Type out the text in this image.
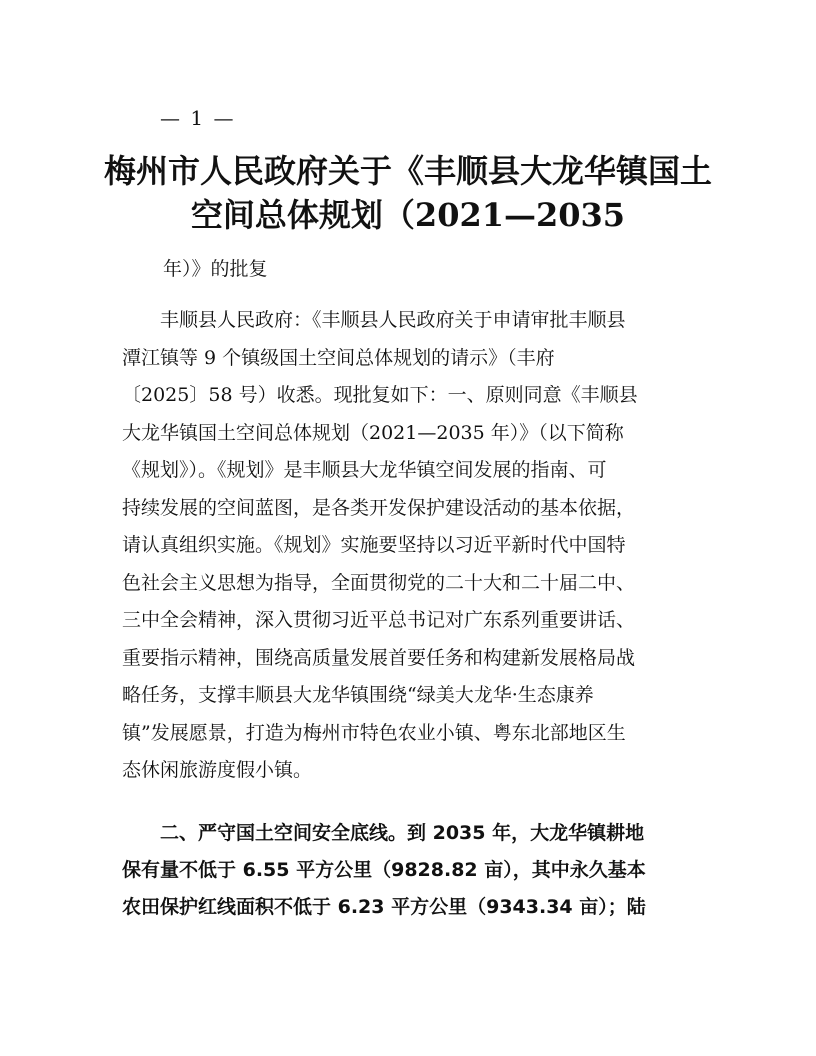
— 1 —
梅州市人民政府关于《丰顺县大龙华镇国土
空间总体规划（2021—2035
年）》的批复
　　丰顺县人民政府：《丰顺县人民政府关于申请审批丰顺县
潭江镇等 9 个镇级国土空间总体规划的请示》（丰府
〔2025〕58 号）收悉。现批复如下：一、原则同意《丰顺县
大龙华镇国土空间总体规划（2021—2035 年）》（以下简称
《规划》）。《规划》是丰顺县大龙华镇空间发展的指南、可
持续发展的空间蓝图，是各类开发保护建设活动的基本依据，
请认真组织实施。《规划》实施要坚持以习近平新时代中国特
色社会主义思想为指导，全面贯彻党的二十大和二十届二中、
三中全会精神，深入贯彻习近平总书记对广东系列重要讲话、
重要指示精神，围绕高质量发展首要任务和构建新发展格局战
略任务，支撑丰顺县大龙华镇围绕“绿美大龙华·生态康养
镇”发展愿景，打造为梅州市特色农业小镇、粤东北部地区生
态休闲旅游度假小镇。
　　二、严守国土空间安全底线。到 2035 年，大龙华镇耕地
保有量不低于 6.55 平方公里（9828.82 亩），其中永久基本
农田保护红线面积不低于 6.23 平方公里（9343.34 亩）；陆
